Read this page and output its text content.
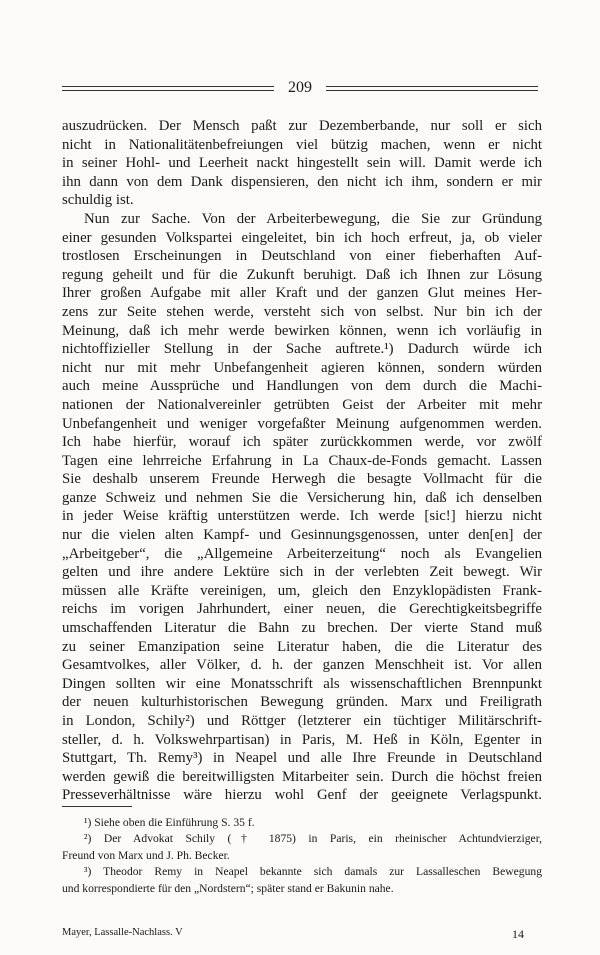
209
auszudrücken. Der Mensch paßt zur Dezemberbande, nur soll er sich
nicht in Nationalitätenbefreiungen viel bützig machen, wenn er nicht
in seiner Hohl- und Leerheit nackt hingestellt sein will. Damit werde ich
ihn dann von dem Dank dispensieren, den nicht ich ihm, sondern er mir
schuldig ist.
Nun zur Sache. Von der Arbeiterbewegung, die Sie zur Gründung
einer gesunden Volkspartei eingeleitet, bin ich hoch erfreut, ja, ob vieler
trostlosen Erscheinungen in Deutschland von einer fieberhaften Auf-
regung geheilt und für die Zukunft beruhigt. Daß ich Ihnen zur Lösung
Ihrer großen Aufgabe mit aller Kraft und der ganzen Glut meines Her-
zens zur Seite stehen werde, versteht sich von selbst. Nur bin ich der
Meinung, daß ich mehr werde bewirken können, wenn ich vorläufig in
nichtoffizieller Stellung in der Sache auftrete.¹) Dadurch würde ich
nicht nur mit mehr Unbefangenheit agieren können, sondern würden
auch meine Aussprüche und Handlungen von dem durch die Machi-
nationen der Nationalvereinler getrübten Geist der Arbeiter mit mehr
Unbefangenheit und weniger vorgefaßter Meinung aufgenommen werden.
Ich habe hierfür, worauf ich später zurückkommen werde, vor zwölf
Tagen eine lehrreiche Erfahrung in La Chaux-de-Fonds gemacht. Lassen
Sie deshalb unserem Freunde Herwegh die besagte Vollmacht für die
ganze Schweiz und nehmen Sie die Versicherung hin, daß ich denselben
in jeder Weise kräftig unterstützen werde. Ich werde [sic!] hierzu nicht
nur die vielen alten Kampf- und Gesinnungsgenossen, unter den[en] der
„Arbeitgeber“, die „Allgemeine Arbeiterzeitung“ noch als Evangelien
gelten und ihre andere Lektüre sich in der verlebten Zeit bewegt. Wir
müssen alle Kräfte vereinigen, um, gleich den Enzyklopädisten Frank-
reichs im vorigen Jahrhundert, einer neuen, die Gerechtigkeitsbegriffe
umschaffenden Literatur die Bahn zu brechen. Der vierte Stand muß
zu seiner Emanzipation seine Literatur haben, die die Literatur des
Gesamtvolkes, aller Völker, d. h. der ganzen Menschheit ist. Vor allen
Dingen sollten wir eine Monatsschrift als wissenschaftlichen Brennpunkt
der neuen kulturhistorischen Bewegung gründen. Marx und Freiligrath
in London, Schily²) und Röttger (letzterer ein tüchtiger Militärschrift-
steller, d. h. Volkswehrpartisan) in Paris, M. Heß in Köln, Egenter in
Stuttgart, Th. Remy³) in Neapel und alle Ihre Freunde in Deutschland
werden gewiß die bereitwilligsten Mitarbeiter sein. Durch die höchst freien
Presseverhältnisse wäre hierzu wohl Genf der geeignete Verlagspunkt.
¹) Siehe oben die Einführung S. 35 f.
²) Der Advokat Schily († 1875) in Paris, ein rheinischer Achtundvierziger,
Freund von Marx und J. Ph. Becker.
³) Theodor Remy in Neapel bekannte sich damals zur Lassalleschen Bewegung
und korrespondierte für den „Nordstern“; später stand er Bakunin nahe.
Mayer, Lassalle-Nachlass. V	14
